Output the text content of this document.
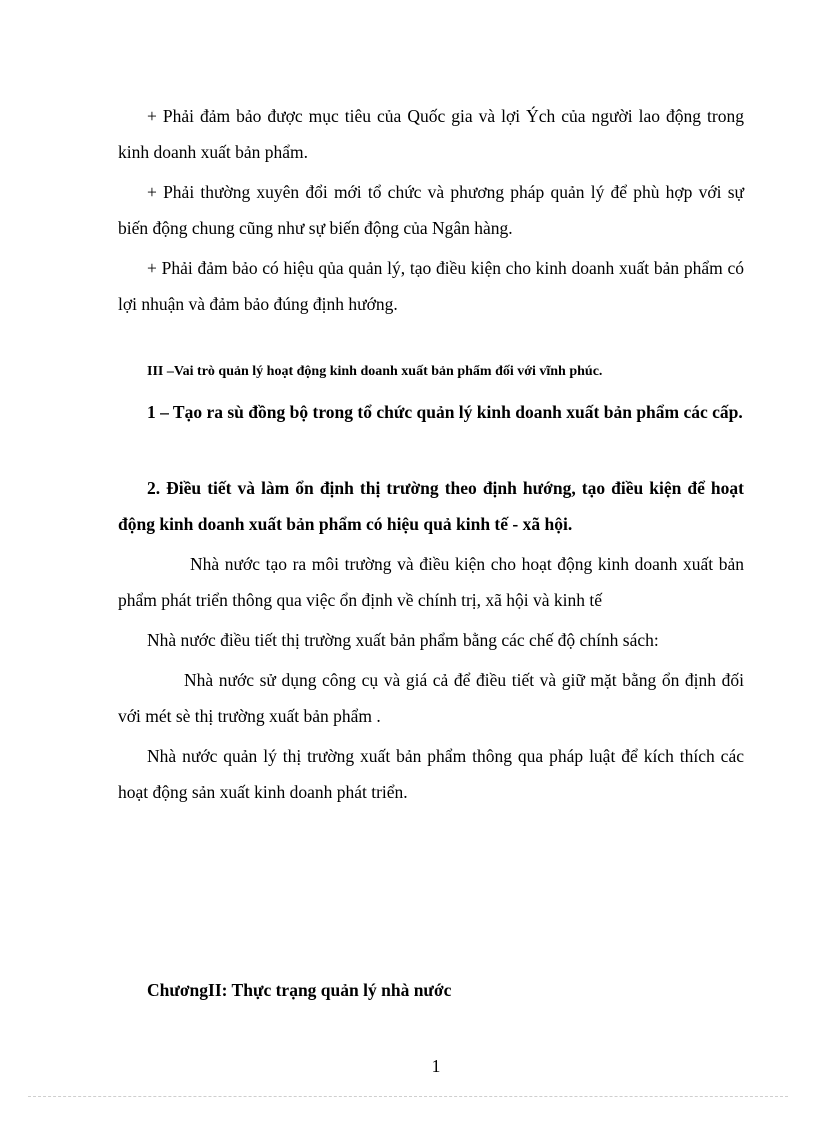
+ Phải đảm bảo được mục tiêu của Quốc gia và lợi Ých của người lao động trong kinh doanh xuất bản phẩm.

+ Phải thường xuyên đổi mới tổ chức và phương pháp quản lý để phù hợp với sự biến động chung cũng như sự biến động của Ngân hàng.

+ Phải đảm bảo có hiệu qủa quản lý, tạo điều kiện cho kinh doanh xuất bản phẩm có lợi nhuận và đảm bảo đúng định hướng.

III –Vai trò quản lý hoạt động kinh doanh xuất bản phẩm đối với vĩnh phúc.

1 – Tạo ra sù đồng bộ trong tổ chức quản lý kinh doanh xuất bản phẩm các cấp.

2. Điều tiết và làm ổn định thị trường theo định hướng, tạo điều kiện để hoạt động kinh doanh xuất bản phẩm có hiệu quả kinh tế - xã hội.

Nhà nước tạo ra môi trường và điều kiện cho hoạt động kinh doanh xuất bản phẩm phát triển thông qua việc ổn định về chính trị, xã hội và kinh tế

Nhà nước điều tiết thị trường xuất bản phẩm bằng các chế độ chính sách:

Nhà nước sử dụng công cụ và giá cả để điều tiết và giữ mặt bằng ổn định đối với mét sè thị trường xuất bản phẩm .

Nhà nước quản lý thị trường xuất bản phẩm thông qua pháp luật để kích thích các hoạt động sản xuất kinh doanh phát triển.

ChươngII: Thực trạng quản lý nhà nước

1
